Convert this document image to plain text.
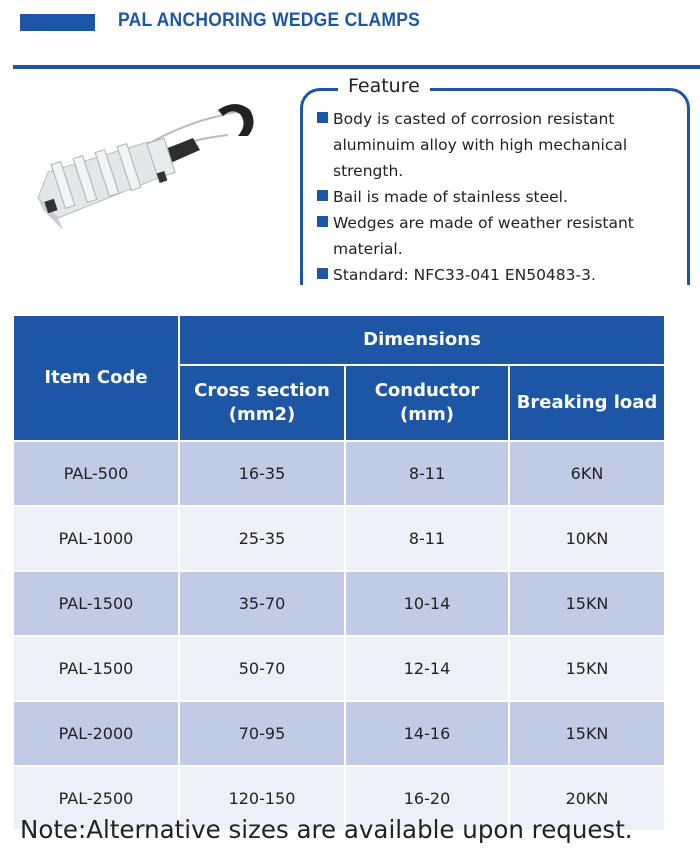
PAL ANCHORING WEDGE CLAMPS
Feature
Body is casted of corrosion resistant aluminuim alloy with high mechanical strength.
Bail is made of stainless steel.
Wedges are made of weather resistant material.
Standard: NFC33-041 EN50483-3.
Item Code	Dimensions		
	Cross section (mm2)	Conductor (mm)	Breaking load
PAL-500	16-35	8-11	6KN
PAL-1000	25-35	8-11	10KN
PAL-1500	35-70	10-14	15KN
PAL-1500	50-70	12-14	15KN
PAL-2000	70-95	14-16	15KN
PAL-2500	120-150	16-20	20KN
Note:Alternative sizes are available upon request.
